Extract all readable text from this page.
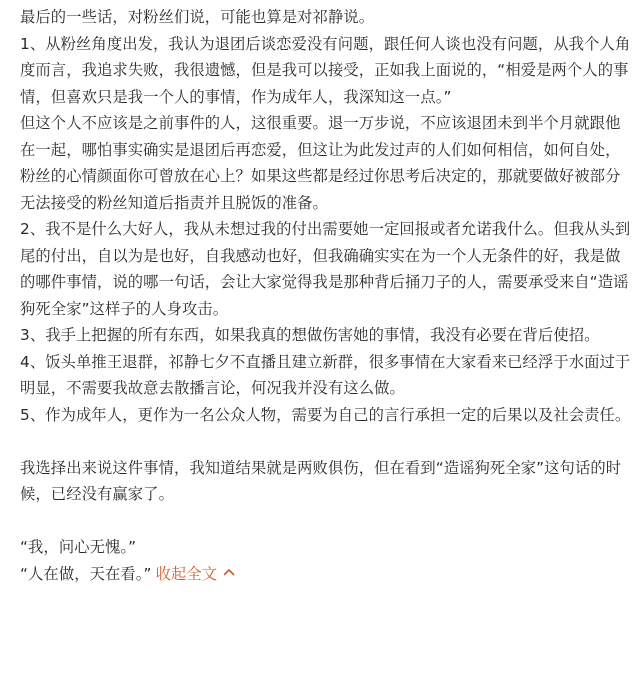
最后的一些话，对粉丝们说，可能也算是对祁静说。

1、从粉丝角度出发，我认为退团后谈恋爱没有问题，跟任何人谈也没有问题，从我个人角度而言，我追求失败，我很遗憾，但是我可以接受，正如我上面说的，“相爱是两个人的事情，但喜欢只是我一个人的事情，作为成年人，我深知这一点。”

但这个人不应该是之前事件的人，这很重要。退一万步说，不应该退团未到半个月就跟他在一起，哪怕事实确实是退团后再恋爱，但这让为此发过声的人们如何相信，如何自处，粉丝的心情颜面你可曾放在心上？如果这些都是经过你思考后决定的，那就要做好被部分无法接受的粉丝知道后指责并且脱饭的准备。

2、我不是什么大好人，我从未想过我的付出需要她一定回报或者允诺我什么。但我从头到尾的付出，自以为是也好，自我感动也好，但我确确实实在为一个人无条件的好，我是做的哪件事情，说的哪一句话，会让大家觉得我是那种背后捅刀子的人，需要承受来自“造谣狗死全家”这样子的人身攻击。

3、我手上把握的所有东西，如果我真的想做伤害她的事情，我没有必要在背后使招。

4、饭头单推王退群，祁静七夕不直播且建立新群，很多事情在大家看来已经浮于水面过于明显，不需要我故意去散播言论，何况我并没有这么做。

5、作为成年人，更作为一名公众人物，需要为自己的言行承担一定的后果以及社会责任。

我选择出来说这件事情，我知道结果就是两败俱伤，但在看到“造谣狗死全家”这句话的时候，已经没有赢家了。

“我，问心无愧。”

“人在做，天在看。” 收起全文
